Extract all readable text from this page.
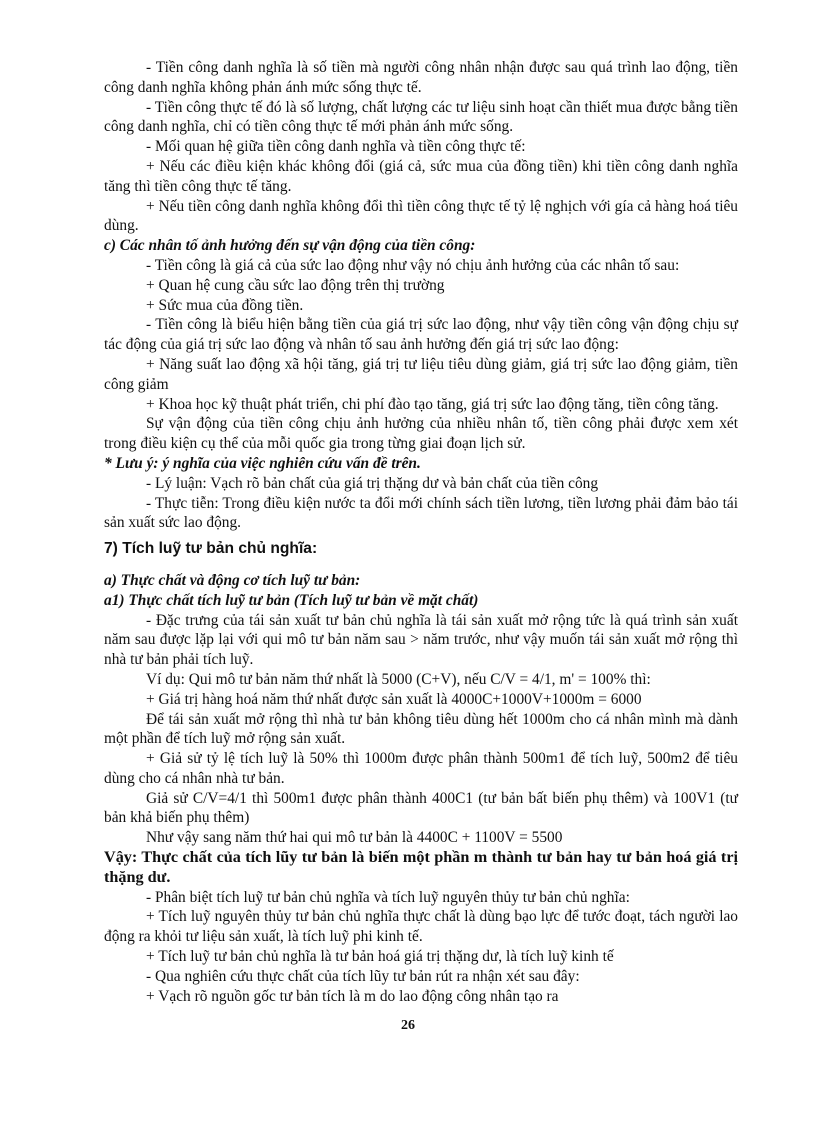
- Tiền công danh nghĩa là số tiền mà người công nhân nhận được sau quá trình lao động, tiền công danh nghĩa không phản ánh mức sống thực tế.

- Tiền công thực tế đó là số lượng, chất lượng các tư liệu sinh hoạt cần thiết mua được bằng tiền công danh nghĩa, chỉ có tiền công thực tế mới phản ánh mức sống.

- Mối quan hệ giữa tiền công danh nghĩa và tiền công thực tế:

+ Nếu các điều kiện khác không đổi (giá cả, sức mua của đồng tiền) khi tiền công danh nghĩa tăng thì tiền công thực tế tăng.

+ Nếu tiền công danh nghĩa không đổi thì tiền công thực tế tỷ lệ nghịch với gía cả hàng hoá tiêu dùng.

c) Các nhân tố ảnh hưởng đến sự vận động của tiền công:

- Tiền công là giá cả của sức lao động như vậy nó chịu ảnh hưởng của các nhân tố sau:

+ Quan hệ cung cầu sức lao động trên thị trường

+ Sức mua của đồng tiền.

- Tiền công là biểu hiện bằng tiền của giá trị sức lao động, như vậy tiền công vận động chịu sự tác động của giá trị sức lao động và nhân tố sau ảnh hưởng đến giá trị sức lao động:

+ Năng suất lao động xã hội tăng, giá trị tư liệu tiêu dùng giảm, giá trị sức lao động giảm, tiền công giảm

+ Khoa học kỹ thuật phát triển, chi phí đào tạo tăng, giá trị sức lao động tăng, tiền công tăng.

Sự vận động của tiền công chịu ảnh hưởng của nhiều nhân tố, tiền công phải được xem xét trong điều kiện cụ thể của mỗi quốc gia trong từng giai đoạn lịch sử.

* Lưu ý: ý nghĩa của việc nghiên cứu vấn đề trên.

- Lý luận: Vạch rõ bản chất của giá trị thặng dư và bản chất của tiền công

- Thực tiễn: Trong điều kiện nước ta đổi mới chính sách tiền lương, tiền lương phải đảm bảo tái sản xuất sức lao động.

7) Tích luỹ tư bản chủ nghĩa:

a) Thực chất và động cơ tích luỹ tư bản:

a1) Thực chất tích luỹ tư bản (Tích luỹ tư bản về mặt chất)

- Đặc trưng của tái sản xuất tư bản chủ nghĩa là tái sản xuất mở rộng tức là quá trình sản xuất năm sau được lặp lại với qui mô tư bản năm sau > năm trước, như vậy muốn tái sản xuất mở rộng thì nhà tư bản phải tích luỹ.

Ví dụ: Qui mô tư bản năm thứ nhất là 5000 (C+V), nếu C/V = 4/1, m' = 100% thì:

+ Giá trị hàng hoá năm thứ nhất được sản xuất là 4000C+1000V+1000m = 6000

Để tái sản xuất mở rộng thì nhà tư bản không tiêu dùng hết 1000m cho cá nhân mình mà dành một phần để tích luỹ mở rộng sản xuất.

+ Giả sử tỷ lệ tích luỹ là 50% thì 1000m được phân thành 500m1 để tích luỹ, 500m2 để tiêu dùng cho cá nhân nhà tư bản.

Giả sử C/V=4/1 thì 500m1 được phân thành 400C1 (tư bản bất biến phụ thêm) và 100V1 (tư bản khả biến phụ thêm)

Như vậy sang năm thứ hai qui mô tư bản là 4400C + 1100V = 5500

Vậy: Thực chất của tích lũy tư bản là biến một phần m thành tư bản hay tư bản hoá giá trị thặng dư.

- Phân biệt tích luỹ tư bản chủ nghĩa và tích luỹ nguyên thủy tư bản chủ nghĩa:

+ Tích luỹ nguyên thủy tư bản chủ nghĩa thực chất là dùng bạo lực để tước đoạt, tách người lao động ra khỏi tư liệu sản xuất, là tích luỹ phi kinh tế.

+ Tích luỹ tư bản chủ nghĩa là tư bản hoá giá trị thặng dư, là tích luỹ kinh tế

- Qua nghiên cứu thực chất của tích lũy tư bản rút ra nhận xét sau đây:

+ Vạch rõ nguồn gốc tư bản tích là m do lao động công nhân tạo ra

26
